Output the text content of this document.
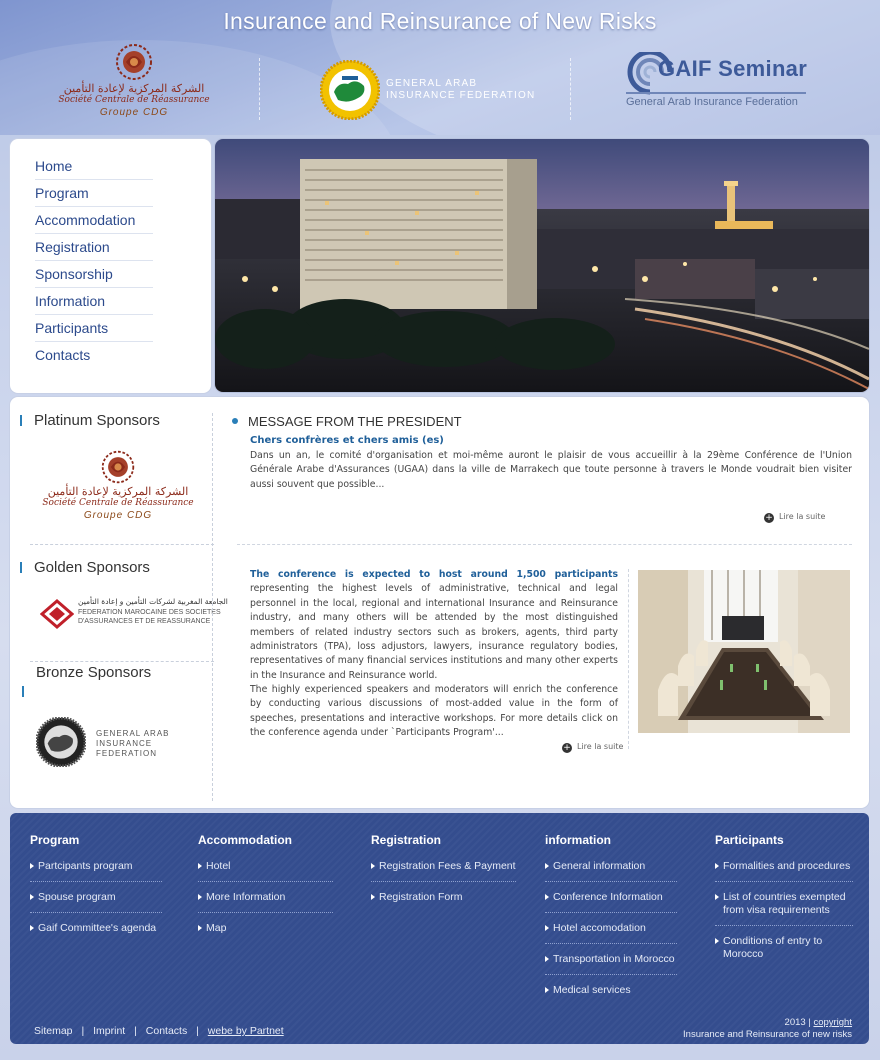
Insurance and Reinsurance of New Risks
الشركة المركزية لإعادة التأمين
Société Centrale de Réassurance
Groupe CDG
GENERAL ARAB
INSURANCE FEDERATION
GAIF Seminar
General Arab Insurance Federation
Home
Program
Accommodation
Registration
Sponsorship
Information
Participants
Contacts
Platinum Sponsors
الشركة المركزية لإعادة التأمين
Société Centrale de Réassurance
Groupe CDG
Golden Sponsors
الجامعة المغربية لشركات التأمين و إعادة التأمين
FEDERATION MAROCAINE DES SOCIETES
D'ASSURANCES ET DE REASSURANCE
Bronze Sponsors
GENERAL ARAB
INSURANCE FEDERATION
MESSAGE FROM THE PRESIDENT
Chers confrères et chers amis (es)
Dans un an, le comité d'organisation et moi-même auront le plaisir de vous accueillir à la 29ème Conférence de l'Union Générale Arabe d'Assurances (UGAA) dans la ville de Marrakech que toute personne à travers le Monde voudrait bien visiter aussi souvent que possible...
+ Lire la suite
The conference is expected to host around 1,500 participants representing the highest levels of administrative, technical and legal personnel in the local, regional and international Insurance and Reinsurance industry, and many others will be attended by the most distinguished members of related industry sectors such as brokers, agents, third party administrators (TPA), loss adjustors, lawyers, insurance regulatory bodies, representatives of many financial services institutions and many other experts in the Insurance and Reinsurance world.
The highly experienced speakers and moderators will enrich the conference by conducting various discussions of most-added value in the form of speeches, presentations and interactive workshops. For more details click on the conference agenda under `Participants Program'...
+ Lire la suite
Program
Partcipants program
Spouse program
Gaif Committee's agenda
Accommodation
Hotel
More Information
Map
Registration
Registration Fees & Payment
Registration Form
information
General information
Conference Information
Hotel accomodation
Transportation in Morocco
Medical services
Participants
Formalities and procedures
List of countries exempted from visa requirements
Conditions of entry to Morocco
Sitemap | Imprint | Contacts | webe by Partnet
2013 | copyright
Insurance and Reinsurance of new risks
